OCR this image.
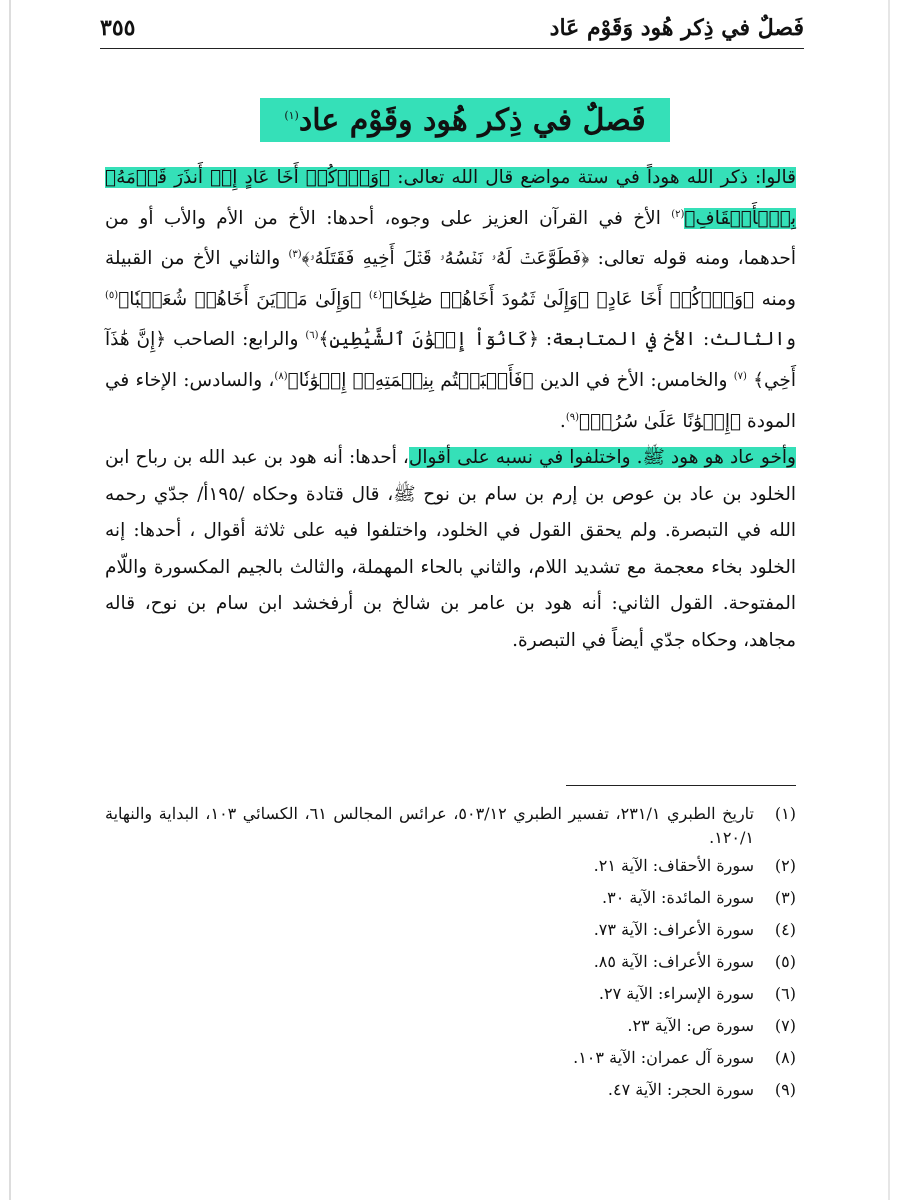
فَصلٌ في ذِكر هُود وَقَوْم عَاد
٣٥٥
فَصلٌ في ذِكر هُود وقَوْم عاد$^{(١)}$

قالوا: ذكر الله هوداً في ستة مواضع قال الله تعالى: ﴿وَٱذۡكُرۡ أَخَا عَادٍ إِذۡ أَنذَرَ قَوۡمَهُۥ بِٱلۡأَحۡقَافِ﴾$^{(٢)}$ الأخ في القرآن العزيز على وجوه، أحدها: الأخ من الأم والأب أو من أحدهما، ومنه قوله تعالى: ﴿فَطَوَّعَتۡ لَهُۥ نَفۡسُهُۥ قَتۡلَ أَخِيهِ فَقَتَلَهُۥ﴾$^{(٣)}$ والثاني الأخ من القبيلة ومنه ﴿وَٱذۡكُرۡ أَخَا عَادٍ﴾ ﴿وَإِلَىٰ ثَمُودَ أَخَاهُمۡ صَٰلِحٗا﴾$^{(٤)}$ ﴿وَإِلَىٰ مَدۡيَنَ أَخَاهُمۡ شُعَيۡبٗا﴾$^{(٥)}$ والثالث: الأخ في المتابعة: ﴿كَانُوٓاْ إِخۡوَٰنَ ٱلشَّيَٰطِينِ﴾$^{(٦)}$ والرابع: الصاحب ﴿إِنَّ هَٰذَآ أَخِي﴾ $^{(٧)}$ والخامس: الأخ في الدين ﴿فَأَصۡبَحۡتُم بِنِعۡمَتِهِۦٓ إِخۡوَٰنٗا﴾$^{(٨)}$، والسادس: الإخاء في المودة ﴿إِخۡوَٰنًا عَلَىٰ سُرُرٖ﴾$^{(٩)}$.

وأخو عاد هو هود ﷺ. واختلفوا في نسبه على أقوال، أحدها: أنه هود بن عبد الله بن رباح ابن الخلود بن عاد بن عوص بن إرم بن سام بن نوح ﷺ، قال قتادة وحكاه /١٩٥أ/ جدّي رحمه الله في التبصرة. ولم يحقق القول في الخلود، واختلفوا فيه على ثلاثة أقوال ، أحدها: إنه الخلود بخاء معجمة مع تشديد اللام، والثاني بالحاء المهملة، والثالث بالجيم المكسورة واللّام المفتوحة. القول الثاني: أنه هود بن عامر بن شالخ بن أرفخشد ابن سام بن نوح، قاله مجاهد، وحكاه جدّي أيضاً في التبصرة.

(١)
تاريخ الطبري ٢٣١/١، تفسير الطبري ٥٠٣/١٢، عرائس المجالس ٦١، الكسائي ١٠٣، البداية والنهاية ١٢٠/١.
(٢)
سورة الأحقاف: الآية ٢١.
(٣)
سورة المائدة: الآية ٣٠.
(٤)
سورة الأعراف: الآية ٧٣.
(٥)
سورة الأعراف: الآية ٨٥.
(٦)
سورة الإسراء: الآية ٢٧.
(٧)
سورة ص: الآية ٢٣.
(٨)
سورة آل عمران: الآية ١٠٣.
(٩)
سورة الحجر: الآية ٤٧.
